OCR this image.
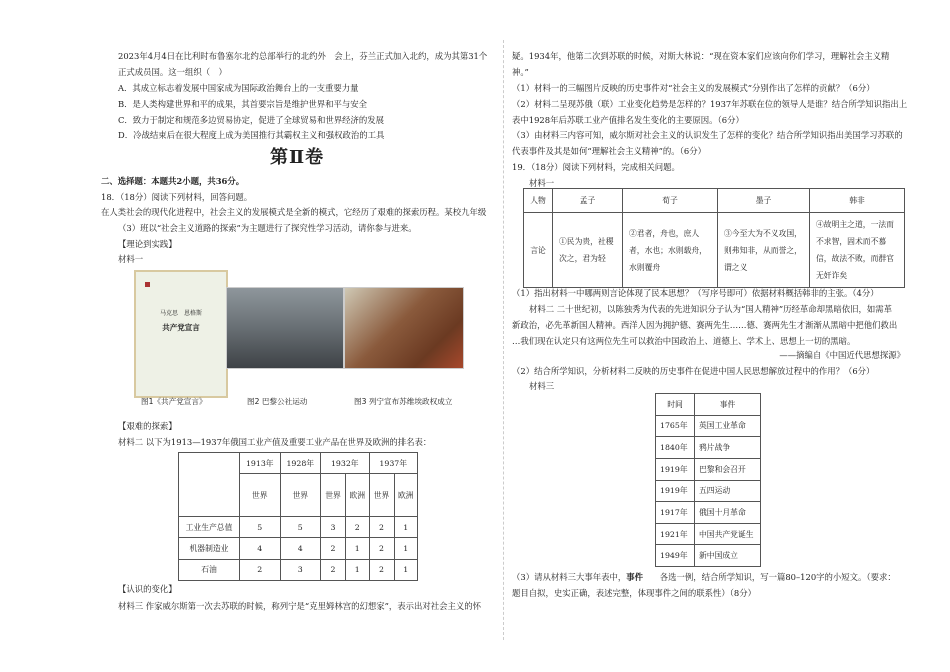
2023年4月4日在比利时布鲁塞尔北约总部举行的北约外　会上，芬兰正式加入北约，成为其第31个
正式成员国。这一组织（　）
A．其成立标志着发展中国家成为国际政治舞台上的一支重要力量
B．是人类构建世界和平的成果，其首要宗旨是维护世界和平与安全
C．致力于制定和规范多边贸易协定，促进了全球贸易和世界经济的发展
D．冷战结束后在很大程度上成为美国推行其霸权主义和强权政治的工具
第Ⅱ卷
二、选择题：本题共2小题，共36分。
18．（18分）阅读下列材料，回答问题。
在人类社会的现代化进程中，社会主义的发展模式是全新的模式，它经历了艰难的探索历程。某校九年级
（3）班以“社会主义道路的探索”为主题进行了探究性学习活动，请你参与进来。
【理论到实践】
材料一
马克思　恩格斯
共产党宣言
图1《共产党宣言》	图2 巴黎公社运动	图3 列宁宣布苏维埃政权成立
【艰难的探索】
材料二 以下为1913—1937年俄国工业产值及重要工业产品在世界及欧洲的排名表：
	1913年	1928年	1932年		1937年	
	世界	世界	世界	欧洲	世界	欧洲
工业生产总值	5	5	3	2	2	1
机器制造业	4	4	2	1	2	1
石油	2	3	2	1	2	1
【认识的变化】
材料三 作家威尔斯第一次去苏联的时候，称列宁是“克里姆林宫的幻想家”，表示出对社会主义的怀
疑。1934年，他第二次到苏联的时候，对斯大林说：“现在资本家们应该向你们学习，理解社会主义精
神。”
（1）材料一的三幅图片反映的历史事件对“社会主义的发展模式”分别作出了怎样的贡献？（6分）
（2）材料二呈现苏俄（联）工业变化趋势是怎样的？1937年苏联在位的领导人是谁？结合所学知识指出上
表中1928年后苏联工业产值排名发生变化的主要原因。（6分）
（3）由材料三内容可知，威尔斯对社会主义的认识发生了怎样的变化？结合所学知识指出美国学习苏联的
代表事件及其是如何“理解社会主义精神”的。（6分）
19．（18分）阅读下列材料，完成相关问题。
材料一
人物	孟子	荀子	墨子	韩非
言论	①民为贵，社稷次之，君为轻	②君者，舟也，庶人者，水也；水则载舟，水则覆舟	③今至大为不义攻国，则弗知非，从而誉之，谓之义	④故明主之道，一法而不求智，固术而不慕信，故法不败，而群官无奸诈矣
（1）指出材料一中哪两则言论体现了民本思想？（写序号即可）依据材料概括韩非的主张。（4分）
材料二 二十世纪初，以陈独秀为代表的先进知识分子认为“国人精神”历经革命却黑暗依旧，如需革
新政治，必先革新国人精神。西洋人因为拥护德、赛两先生……德、赛两先生才渐渐从黑暗中把他们救出
…我们现在认定只有这两位先生可以救治中国政治上、道德上、学术上、思想上一切的黑暗。
——摘编自《中国近代思想探源》
（2）结合所学知识，分析材料二反映的历史事件在促进中国人民思想解放过程中的作用？（6分）
材料三
时间	事件
1765年	英国工业革命
1840年	鸦片战争
1919年	巴黎和会召开
1919年	五四运动
1917年	俄国十月革命
1921年	中国共产党诞生
1949年	新中国成立
（3）请从材料三大事年表中，事件　　各选一例，结合所学知识，写一篇80–120字的小短文。（要求：
题目自拟，史实正确，表述完整，体现事件之间的联系性）（8分）
